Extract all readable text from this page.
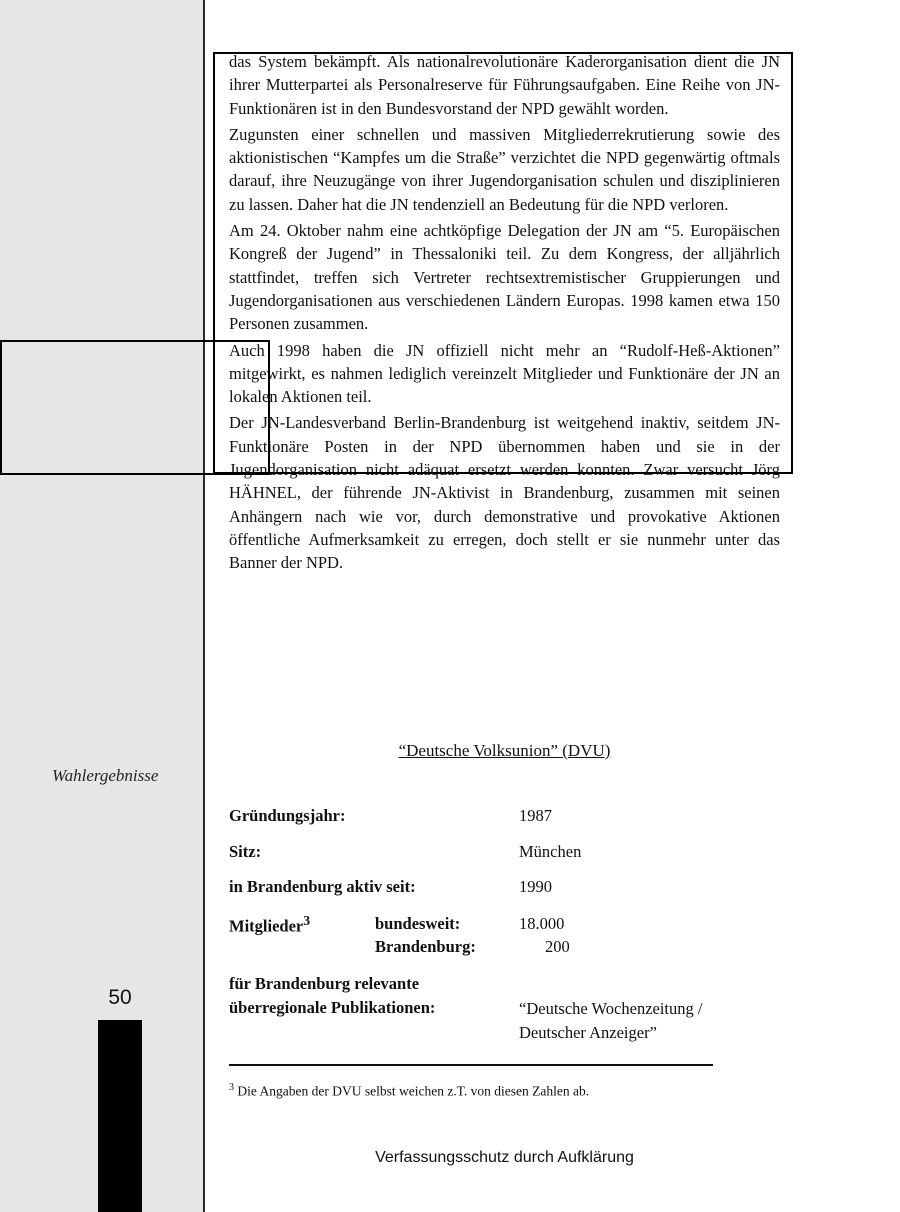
Wahlergebnisse
50

das System bekämpft. Als nationalrevolutionäre Kaderorganisation dient die JN ihrer Mutterpartei als Personalreserve für Führungsaufgaben. Eine Reihe von JN-Funktionären ist in den Bundesvorstand der NPD gewählt worden.

Zugunsten einer schnellen und massiven Mitgliederrekrutierung sowie des aktionistischen “Kampfes um die Straße” verzichtet die NPD gegenwärtig oftmals darauf, ihre Neuzugänge von ihrer Jugendorganisation schulen und disziplinieren zu lassen. Daher hat die JN tendenziell an Bedeutung für die NPD verloren.

Am 24. Oktober nahm eine achtköpfige Delegation der JN am “5. Europäischen Kongreß der Jugend” in Thessaloniki teil. Zu dem Kongress, der alljährlich stattfindet, treffen sich Vertreter rechtsextremistischer Gruppierungen und Jugendorganisationen aus verschiedenen Ländern Europas. 1998 kamen etwa 150 Personen zusammen.

Auch 1998 haben die JN offiziell nicht mehr an “Rudolf-Heß-Aktionen” mitgewirkt, es nahmen lediglich vereinzelt Mitglieder und Funktionäre der JN an lokalen Aktionen teil.

Der JN-Landesverband Berlin-Brandenburg ist weitgehend inaktiv, seitdem JN-Funktionäre Posten in der NPD übernommen haben und sie in der Jugendorganisation nicht adäquat ersetzt werden konnten. Zwar versucht Jörg HÄHNEL, der führende JN-Aktivist in Brandenburg, zusammen mit seinen Anhängern nach wie vor, durch demonstrative und provokative Aktionen öffentliche Aufmerksamkeit zu erregen, doch stellt er sie nunmehr unter das Banner der NPD.

“Deutsche Volksunion” (DVU)
Gründungsjahr:	1987
Sitz:	München
in Brandenburg aktiv seit:	1990
Mitglieder$^3$	bundesweit:	18.000
Brandenburg:	200
für Brandenburg relevante
überregionale Publikationen:	“Deutsche Wochenzeitung /
Deutscher Anzeiger”
$^3$ Die Angaben der DVU selbst weichen z.T. von diesen Zahlen ab.
Verfassungsschutz durch Aufklärung
